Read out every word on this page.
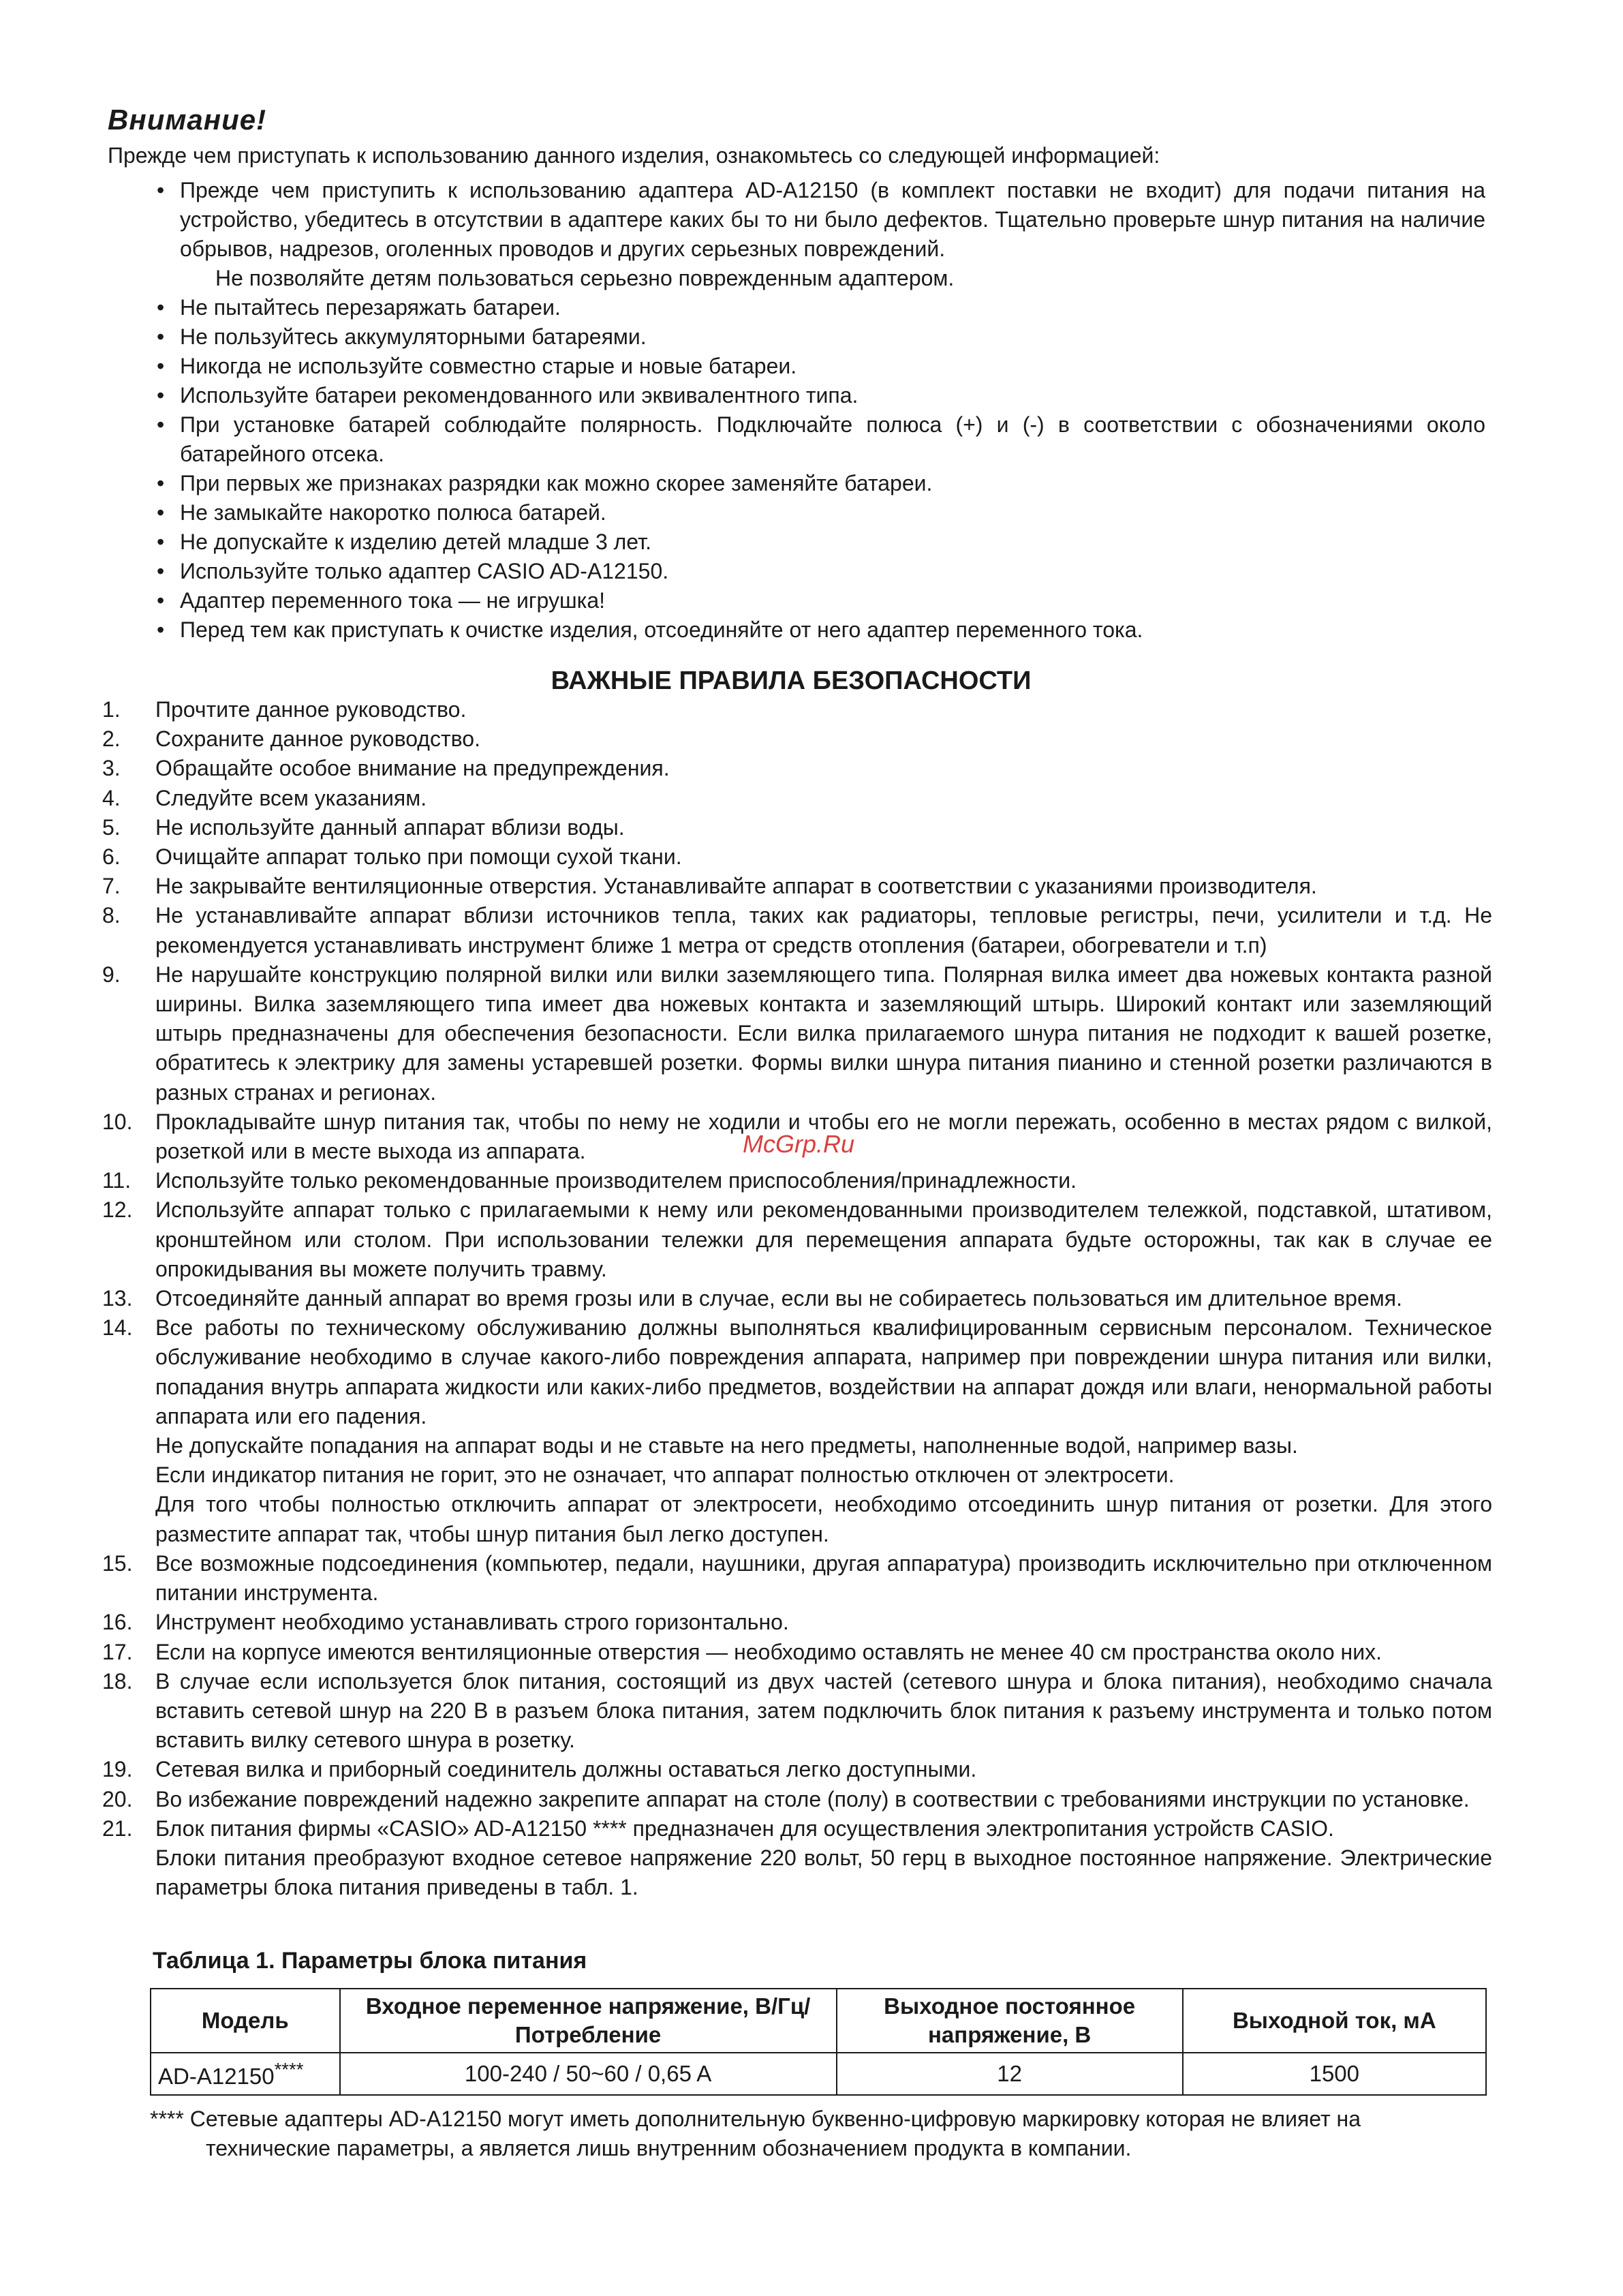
McGrp.Ru
Внимание!
Прежде чем приступать к использованию данного изделия, ознакомьтесь со следующей информацией:
• Прежде чем приступить к использованию адаптера AD-A12150 (в комплект поставки не входит) для подачи питания на устройство, убедитесь в отсутствии в адаптере каких бы то ни было дефектов. Тщательно проверьте шнур питания на наличие обрывов, надрезов, оголенных проводов и других серьезных повреждений.
Не позволяйте детям пользоваться серьезно поврежденным адаптером.
• Не пытайтесь перезаряжать батареи.
• Не пользуйтесь аккумуляторными батареями.
• Никогда не используйте совместно старые и новые батареи.
• Используйте батареи рекомендованного или эквивалентного типа.
• При установке батарей соблюдайте полярность. Подключайте полюса (+) и (-) в соответствии с обозначениями около батарейного отсека.
• При первых же признаках разрядки как можно скорее заменяйте батареи.
• Не замыкайте накоротко полюса батарей.
• Не допускайте к изделию детей младше 3 лет.
• Используйте только адаптер CASIO AD-A12150.
• Адаптер переменного тока — не игрушка!
• Перед тем как приступать к очистке изделия, отсоединяйте от него адаптер переменного тока.
ВАЖНЫЕ ПРАВИЛА БЕЗОПАСНОСТИ
1. Прочтите данное руководство.

2. Сохраните данное руководство.

3. Обращайте особое внимание на предупреждения.

4. Следуйте всем указаниям.

5. Не используйте данный аппарат вблизи воды.

6. Очищайте аппарат только при помощи сухой ткани.

7. Не закрывайте вентиляционные отверстия. Устанавливайте аппарат в соответствии с указаниями производителя.

8. Не устанавливайте аппарат вблизи источников тепла, таких как радиаторы, тепловые регистры, печи, усилители и т.д. Не рекомендуется устанавливать инструмент ближе 1 метра от средств отопления (батареи, обогреватели и т.п)

9. Не нарушайте конструкцию полярной вилки или вилки заземляющего типа. Полярная вилка имеет два ножевых контакта разной ширины. Вилка заземляющего типа имеет два ножевых контакта и заземляющий штырь. Широкий контакт или заземляющий штырь предназначены для обеспечения безопасности. Если вилка прилагаемого шнура питания не подходит к вашей розетке, обратитесь к электрику для замены устаревшей розетки. Формы вилки шнура питания пианино и стенной розетки различаются в разных странах и регионах.

10. Прокладывайте шнур питания так, чтобы по нему не ходили и чтобы его не могли пережать, особенно в местах рядом с вилкой, розеткой или в месте выхода из аппарата.

11. Используйте только рекомендованные производителем приспособления/принадлежности.

12. Используйте аппарат только с прилагаемыми к нему или рекомендованными производителем тележкой, подставкой, штативом, кронштейном или столом. При использовании тележки для перемещения аппарата будьте осторожны, так как в случае ее опрокидывания вы можете получить травму.

13. Отсоединяйте данный аппарат во время грозы или в случае, если вы не собираетесь пользоваться им длительное время.

14. Все работы по техническому обслуживанию должны выполняться квалифицированным сервисным персоналом. Техническое обслуживание необходимо в случае какого-либо повреждения аппарата, например при повреждении шнура питания или вилки, попадания внутрь аппарата жидкости или каких-либо предметов, воздействии на аппарат дождя или влаги, ненормальной работы аппарата или его падения.

Не допускайте попадания на аппарат воды и не ставьте на него предметы, наполненные водой, например вазы.

Если индикатор питания не горит, это не означает, что аппарат полностью отключен от электросети.

Для того чтобы полностью отключить аппарат от электросети, необходимо отсоединить шнур питания от розетки. Для этого разместите аппарат так, чтобы шнур питания был легко доступен.

15. Все возможные подсоединения (компьютер, педали, наушники, другая аппаратура) производить исключительно при отключенном питании инструмента.

16. Инструмент необходимо устанавливать строго горизонтально.

17. Если на корпусе имеются вентиляционные отверстия — необходимо оставлять не менее 40 см пространства около них.

18. В случае если используется блок питания, состоящий из двух частей (сетевого шнура и блока питания), необходимо сначала вставить сетевой шнур на 220 В в разъем блока питания, затем подключить блок питания к разъему инструмента и только потом вставить вилку сетевого шнура в розетку.

19. Сетевая вилка и приборный соединитель должны оставаться легко доступными.

20. Во избежание повреждений надежно закрепите аппарат на столе (полу) в соотвествии с требованиями инструкции по установке.

21. Блок питания фирмы «CASIO» AD-A12150 **** предназначен для осуществления электропитания устройств CASIO.

Блоки питания преобразуют входное сетевое напряжение 220 вольт, 50 герц в выходное постоянное напряжение. Электрические параметры блока питания приведены в табл. 1.

Таблица 1. Параметры блока питания
Модель	Входное переменное напряжение, В/Гц/Потребление	Выходное постоянное напряжение, В	Выходной ток, мА
AD-A12150****	100-240 / 50~60 / 0,65 A	12	1500
**** Сетевые адаптеры AD-A12150 могут иметь дополнительную буквенно-цифровую маркировку которая не влияет на
технические параметры, а является лишь внутренним обозначением продукта в компании.
